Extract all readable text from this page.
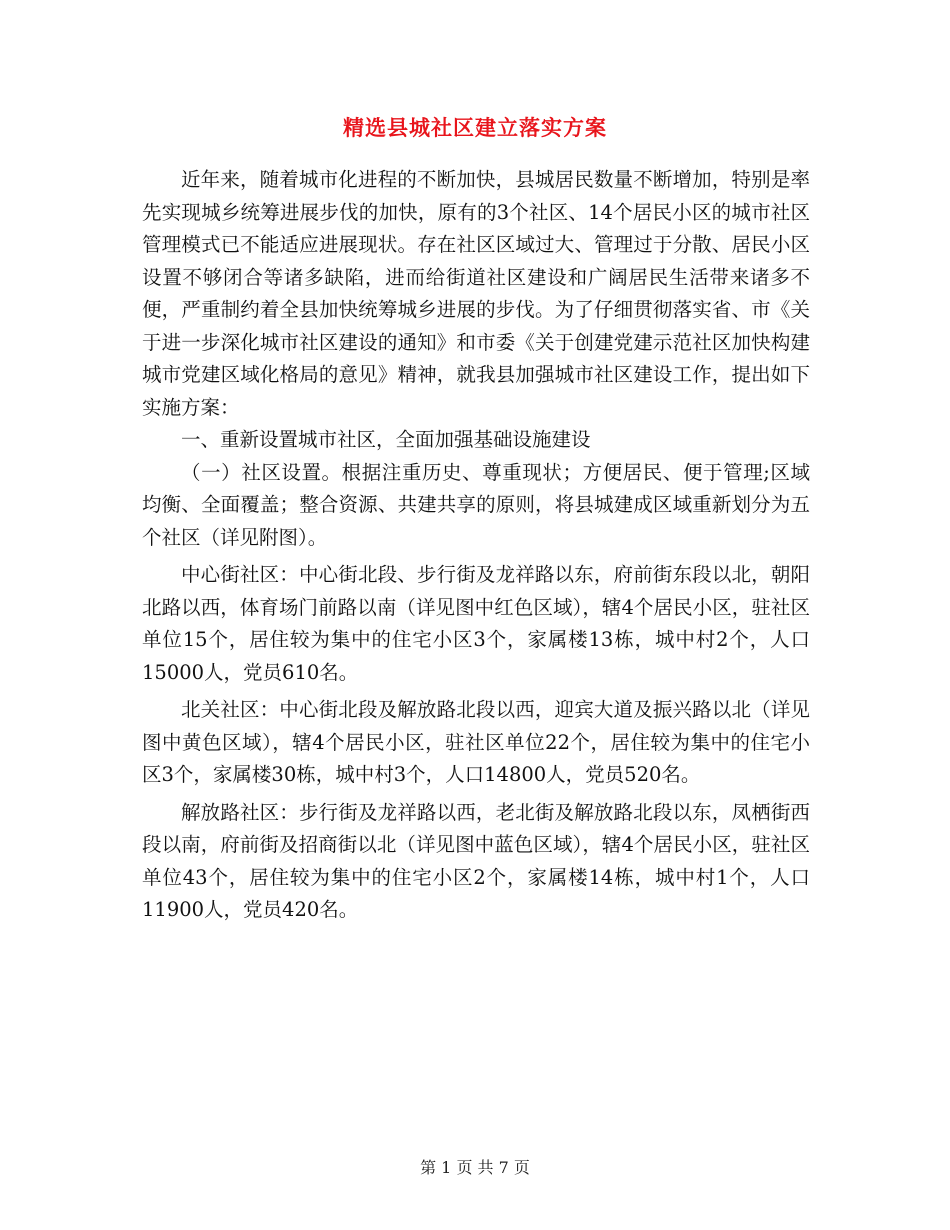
精选县城社区建立落实方案

近年来，随着城市化进程的不断加快，县城居民数量不断增加，特别是率先实现城乡统筹进展步伐的加快，原有的3个社区、14个居民小区的城市社区管理模式已不能适应进展现状。存在社区区域过大、管理过于分散、居民小区设置不够闭合等诸多缺陷，进而给街道社区建设和广阔居民生活带来诸多不便，严重制约着全县加快统筹城乡进展的步伐。为了仔细贯彻落实省、市《关于进一步深化城市社区建设的通知》和市委《关于创建党建示范社区加快构建城市党建区域化格局的意见》精神，就我县加强城市社区建设工作，提出如下实施方案：

一、重新设置城市社区，全面加强基础设施建设

（一）社区设置。根据注重历史、尊重现状；方便居民、便于管理;区域均衡、全面覆盖；整合资源、共建共享的原则，将县城建成区域重新划分为五个社区（详见附图）。

中心街社区：中心街北段、步行街及龙祥路以东，府前街东段以北，朝阳北路以西，体育场门前路以南（详见图中红色区域），辖4个居民小区，驻社区单位15个，居住较为集中的住宅小区3个，家属楼13栋，城中村2个，人口15000人，党员610名。

北关社区：中心街北段及解放路北段以西，迎宾大道及振兴路以北（详见图中黄色区域），辖4个居民小区，驻社区单位22个，居住较为集中的住宅小区3个，家属楼30栋，城中村3个，人口14800人，党员520名。

解放路社区：步行街及龙祥路以西，老北街及解放路北段以东，凤栖街西段以南，府前街及招商街以北（详见图中蓝色区域），辖4个居民小区，驻社区单位43个，居住较为集中的住宅小区2个，家属楼14栋，城中村1个，人口11900人，党员420名。

第 1 页 共 7 页
